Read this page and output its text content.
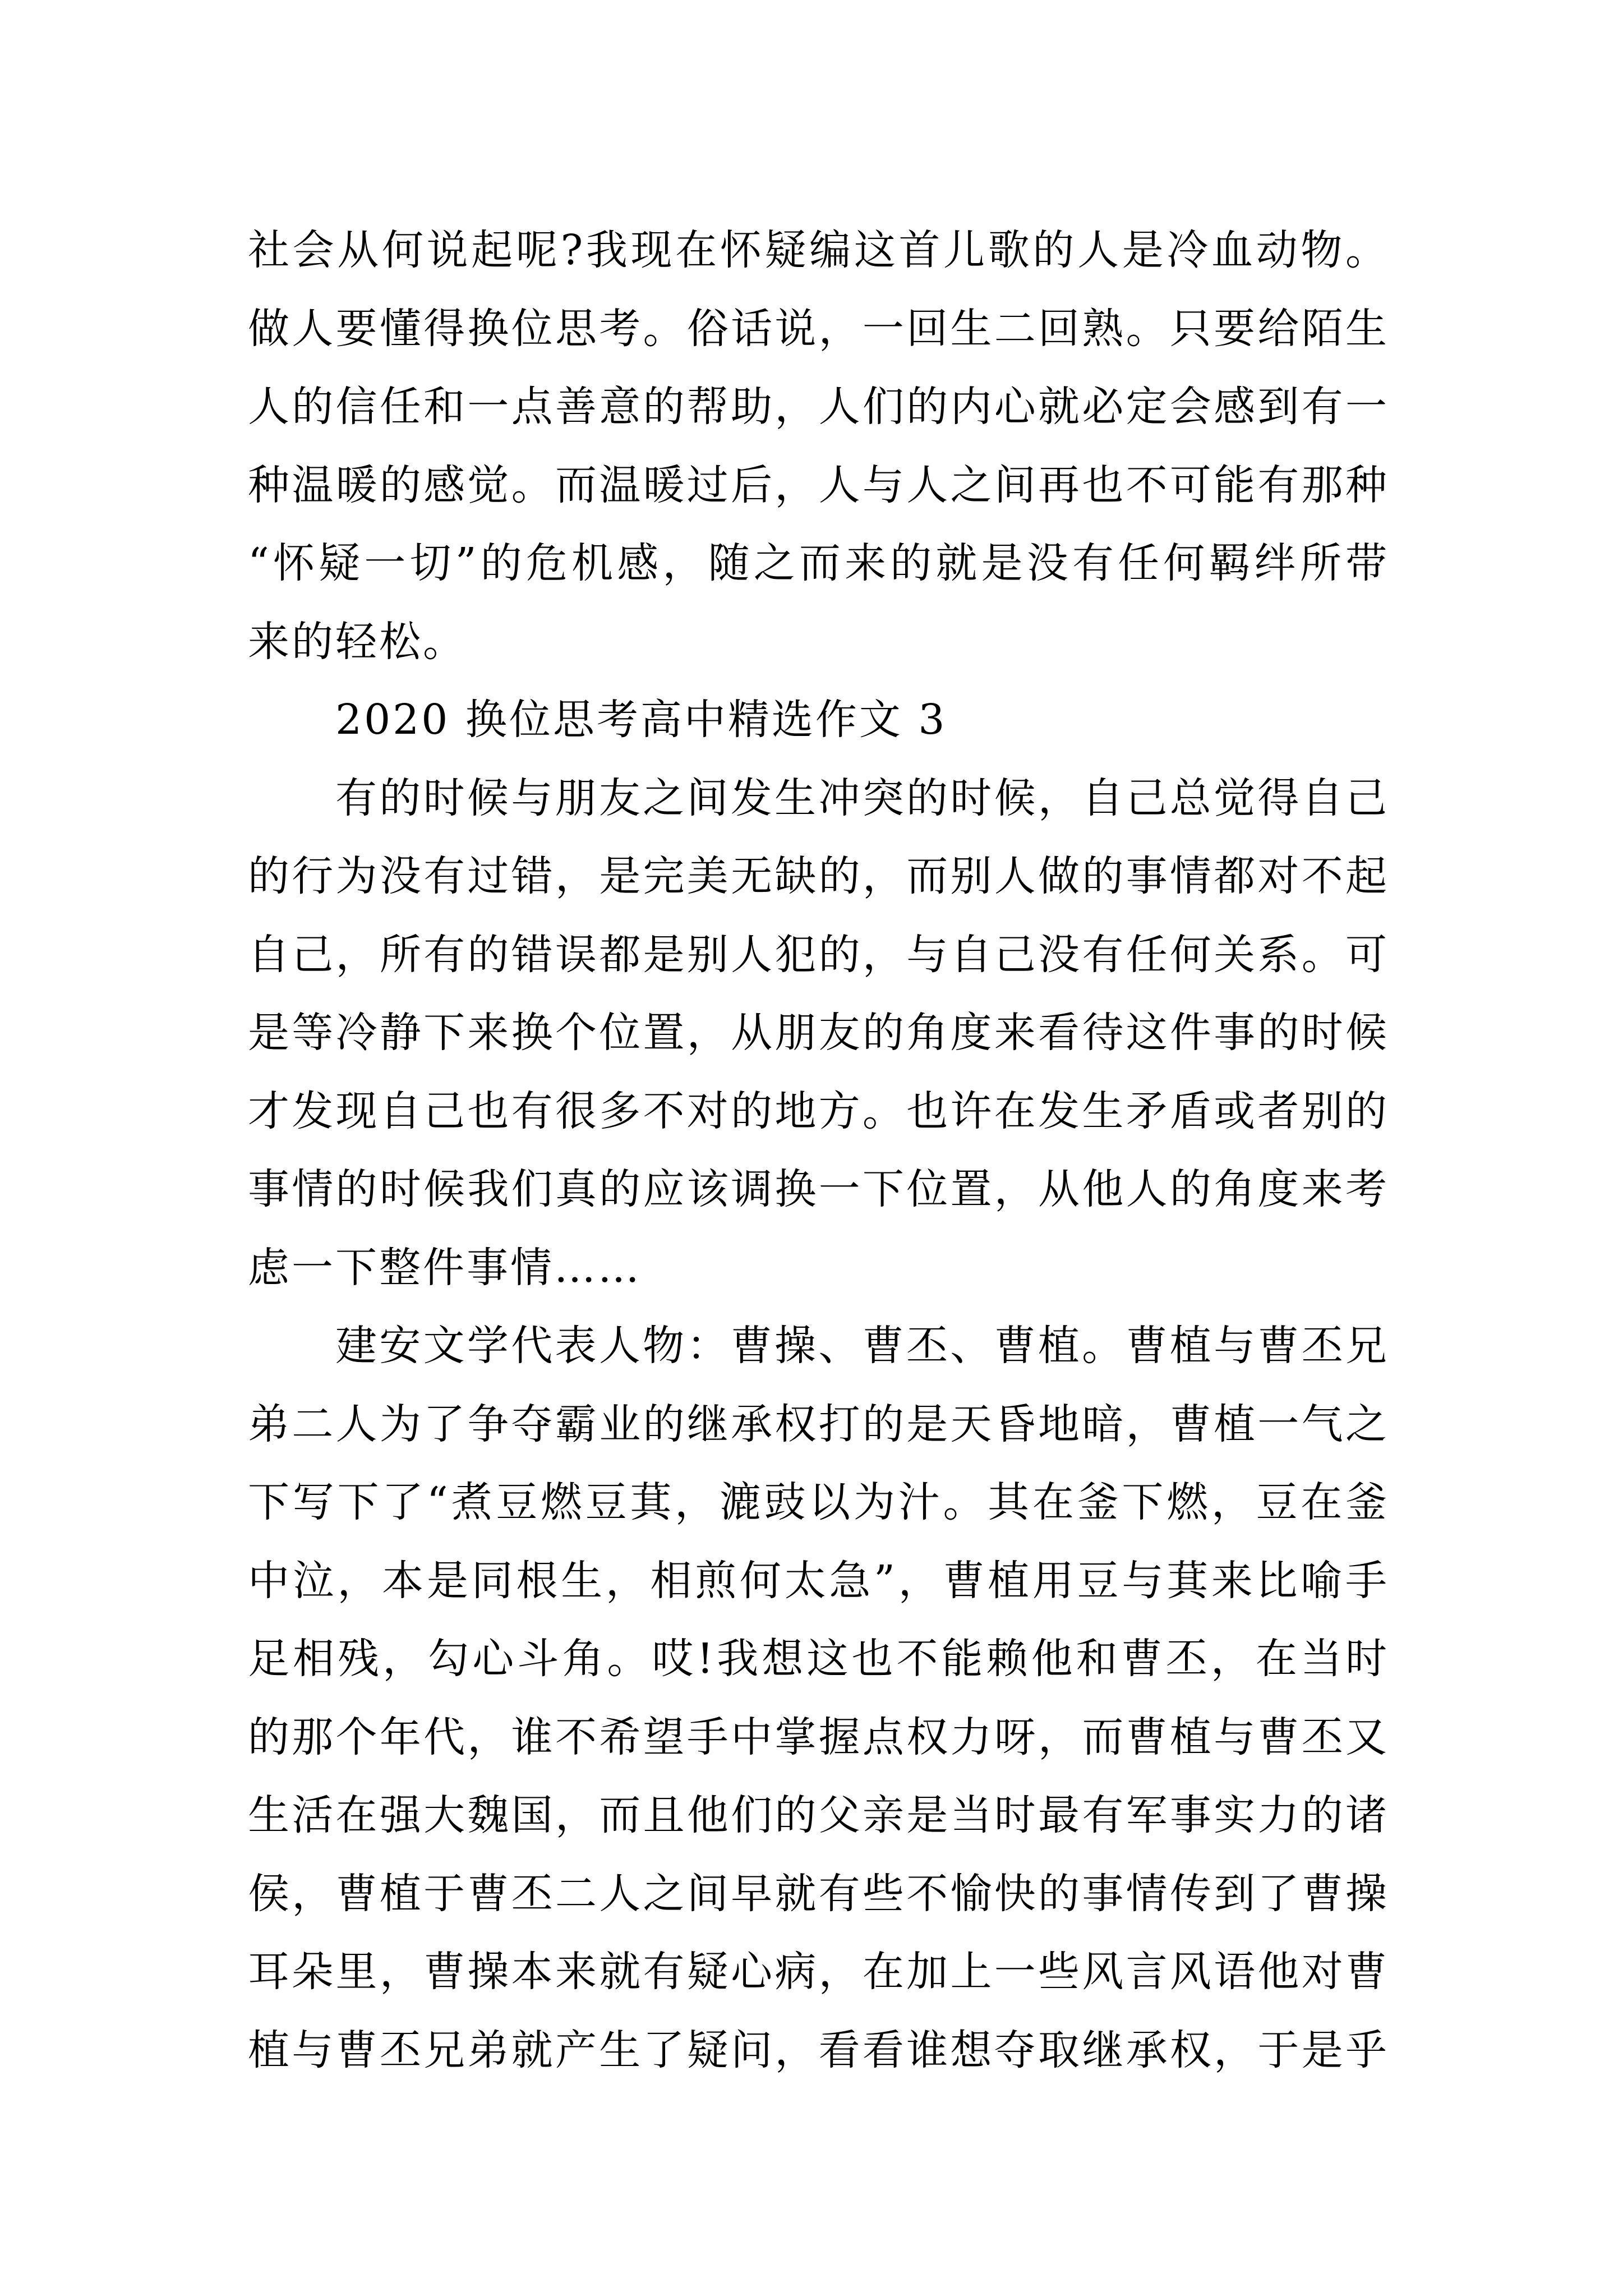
社会从何说起呢?我现在怀疑编这首儿歌的人是冷血动物。
做人要懂得换位思考。俗话说，一回生二回熟。只要给陌生
人的信任和一点善意的帮助，人们的内心就必定会感到有一
种温暖的感觉。而温暖过后，人与人之间再也不可能有那种
“怀疑一切”的危机感，随之而来的就是没有任何羁绊所带
来的轻松。
2020 换位思考高中精选作文 3
有的时候与朋友之间发生冲突的时候，自己总觉得自己
的行为没有过错，是完美无缺的，而别人做的事情都对不起
自己，所有的错误都是别人犯的，与自己没有任何关系。可
是等冷静下来换个位置，从朋友的角度来看待这件事的时候
才发现自己也有很多不对的地方。也许在发生矛盾或者别的
事情的时候我们真的应该调换一下位置，从他人的角度来考
虑一下整件事情……
建安文学代表人物：曹操、曹丕、曹植。曹植与曹丕兄
弟二人为了争夺霸业的继承权打的是天昏地暗，曹植一气之
下写下了“煮豆燃豆萁，漉豉以为汁。其在釜下燃，豆在釜
中泣，本是同根生，相煎何太急”，曹植用豆与萁来比喻手
足相残，勾心斗角。哎!我想这也不能赖他和曹丕，在当时
的那个年代，谁不希望手中掌握点权力呀，而曹植与曹丕又
生活在强大魏国，而且他们的父亲是当时最有军事实力的诸
侯，曹植于曹丕二人之间早就有些不愉快的事情传到了曹操
耳朵里，曹操本来就有疑心病，在加上一些风言风语他对曹
植与曹丕兄弟就产生了疑问，看看谁想夺取继承权，于是乎
